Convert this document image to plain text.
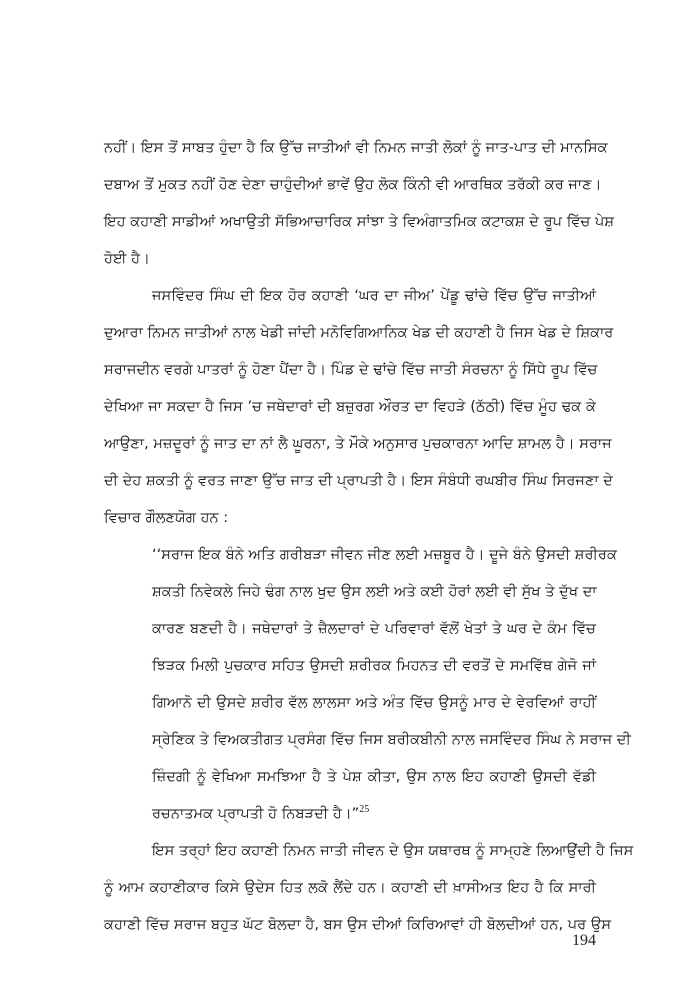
ਨਹੀਂ। ਇਸ ਤੋਂ ਸਾਬਤ ਹੁੰਦਾ ਹੈ ਕਿ ਉੱਚ ਜਾਤੀਆਂ ਵੀ ਨਿਮਨ ਜਾਤੀ ਲੋਕਾਂ ਨੂੰ ਜਾਤ-ਪਾਤ ਦੀ ਮਾਨਸਿਕ
ਦਬਾਅ ਤੋਂ ਮੁਕਤ ਨਹੀਂ ਹੋਣ ਦੇਣਾ ਚਾਹੁੰਦੀਆਂ ਭਾਵੇਂ ਉਹ ਲੋਕ ਕਿੰਨੀ ਵੀ ਆਰਥਿਕ ਤਰੱਕੀ ਕਰ ਜਾਣ।
ਇਹ ਕਹਾਣੀ ਸਾਡੀਆਂ ਅਖਾਉਤੀ ਸੱਭਿਆਚਾਰਿਕ ਸਾਂਝਾ ਤੇ ਵਿਅੰਗਾਤਮਿਕ ਕਟਾਕਸ਼ ਦੇ ਰੂਪ ਵਿੱਚ ਪੇਸ਼
ਹੋਈ ਹੈ।
ਜਸਵਿੰਦਰ ਸਿੰਘ ਦੀ ਇਕ ਹੋਰ ਕਹਾਣੀ ‘ਘਰ ਦਾ ਜੀਅ’ ਪੇਂਡੂ ਢਾਂਚੇ ਵਿੱਚ ਉੱਚ ਜਾਤੀਆਂ
ਦੁਆਰਾ ਨਿਮਨ ਜਾਤੀਆਂ ਨਾਲ ਖੇਡੀ ਜਾਂਦੀ ਮਨੋਵਿਗਿਆਨਿਕ ਖੇਡ ਦੀ ਕਹਾਣੀ ਹੈ ਜਿਸ ਖੇਡ ਦੇ ਸ਼ਿਕਾਰ
ਸਰਾਜਦੀਨ ਵਰਗੇ ਪਾਤਰਾਂ ਨੂੰ ਹੋਣਾ ਪੈਂਦਾ ਹੈ। ਪਿੰਡ ਦੇ ਢਾਂਚੇ ਵਿੱਚ ਜਾਤੀ ਸੰਰਚਨਾ ਨੂੰ ਸਿੱਧੇ ਰੂਪ ਵਿੱਚ
ਦੇਖਿਆ ਜਾ ਸਕਦਾ ਹੈ ਜਿਸ ’ਚ ਜਥੇਦਾਰਾਂ ਦੀ ਬਜ਼ੁਰਗ ਔਰਤ ਦਾ ਵਿਹੜੇ (ਠੱਠੀ) ਵਿੱਚ ਮੂੰਹ ਢਕ ਕੇ
ਆਉਣਾ, ਮਜ਼ਦੂਰਾਂ ਨੂੰ ਜਾਤ ਦਾ ਨਾਂ ਲੈ ਘੂਰਨਾ, ਤੇ ਮੌਕੇ ਅਨੁਸਾਰ ਪੁਚਕਾਰਨਾ ਆਦਿ ਸ਼ਾਮਲ ਹੈ। ਸਰਾਜ
ਦੀ ਦੇਹ ਸ਼ਕਤੀ ਨੂੰ ਵਰਤ ਜਾਣਾ ਉੱਚ ਜਾਤ ਦੀ ਪ੍ਰਾਪਤੀ ਹੈ। ਇਸ ਸੰਬੰਧੀ ਰਘਬੀਰ ਸਿੰਘ ਸਿਰਜਣਾ ਦੇ
ਵਿਚਾਰ ਗੌਲਣਯੋਗ ਹਨ :
‘‘ਸਰਾਜ ਇਕ ਬੰਨੇ ਅਤਿ ਗਰੀਬੜਾ ਜੀਵਨ ਜੀਣ ਲਈ ਮਜ਼ਬੂਰ ਹੈ। ਦੂਜੇ ਬੰਨੇ ਉਸਦੀ ਸ਼ਰੀਰਕ
ਸ਼ਕਤੀ ਨਿਵੇਕਲੇ ਜਿਹੇ ਢੰਗ ਨਾਲ ਖੁਦ ਉਸ ਲਈ ਅਤੇ ਕਈ ਹੋਰਾਂ ਲਈ ਵੀ ਸੁੱਖ ਤੇ ਦੁੱਖ ਦਾ
ਕਾਰਣ ਬਣਦੀ ਹੈ। ਜਥੇਦਾਰਾਂ ਤੇ ਜ਼ੈਲਦਾਰਾਂ ਦੇ ਪਰਿਵਾਰਾਂ ਵੱਲੋਂ ਖੇਤਾਂ ਤੇ ਘਰ ਦੇ ਕੰਮ ਵਿੱਚ
ਝਿੜਕ ਮਿਲੀ ਪੁਚਕਾਰ ਸਹਿਤ ਉਸਦੀ ਸ਼ਰੀਰਕ ਮਿਹਨਤ ਦੀ ਵਰਤੋਂ ਦੇ ਸਮਵਿੱਥ ਗੇਜੋ ਜਾਂ
ਗਿਆਨੋ ਦੀ ਉਸਦੇ ਸ਼ਰੀਰ ਵੱਲ ਲਾਲਸਾ ਅਤੇ ਅੰਤ ਵਿੱਚ ਉਸਨੂੰ ਮਾਰ ਦੇ ਵੇਰਵਿਆਂ ਰਾਹੀਂ
ਸ੍ਰੇਣਿਕ ਤੇ ਵਿਅਕਤੀਗਤ ਪ੍ਰਸੰਗ ਵਿੱਚ ਜਿਸ ਬਰੀਕਬੀਨੀ ਨਾਲ ਜਸਵਿੰਦਰ ਸਿੰਘ ਨੇ ਸਰਾਜ ਦੀ
ਜ਼ਿੰਦਗੀ ਨੂੰ ਵੇਖਿਆ ਸਮਝਿਆ ਹੈ ਤੇ ਪੇਸ਼ ਕੀਤਾ, ਉਸ ਨਾਲ ਇਹ ਕਹਾਣੀ ਉਸਦੀ ਵੱਡੀ
ਰਚਨਾਤਮਕ ਪ੍ਰਾਪਤੀ ਹੋ ਨਿਬੜਦੀ ਹੈ।”$^{25}$
ਇਸ ਤਰ੍ਹਾਂ ਇਹ ਕਹਾਣੀ ਨਿਮਨ ਜਾਤੀ ਜੀਵਨ ਦੇ ਉਸ ਯਥਾਰਥ ਨੂੰ ਸਾਮ੍ਹਣੇ ਲਿਆਉਂਦੀ ਹੈ ਜਿਸ
ਨੂੰ ਆਮ ਕਹਾਣੀਕਾਰ ਕਿਸੇ ਉਦੇਸ ਹਿਤ ਲਕੋ ਲੈਂਦੇ ਹਨ। ਕਹਾਣੀ ਦੀ ਖ਼ਾਸੀਅਤ ਇਹ ਹੈ ਕਿ ਸਾਰੀ
ਕਹਾਣੀ ਵਿੱਚ ਸਰਾਜ ਬਹੁਤ ਘੱਟ ਬੋਲਦਾ ਹੈ, ਬਸ ਉਸ ਦੀਆਂ ਕਿਰਿਆਵਾਂ ਹੀ ਬੋਲਦੀਆਂ ਹਨ, ਪਰ ਉਸ
194
